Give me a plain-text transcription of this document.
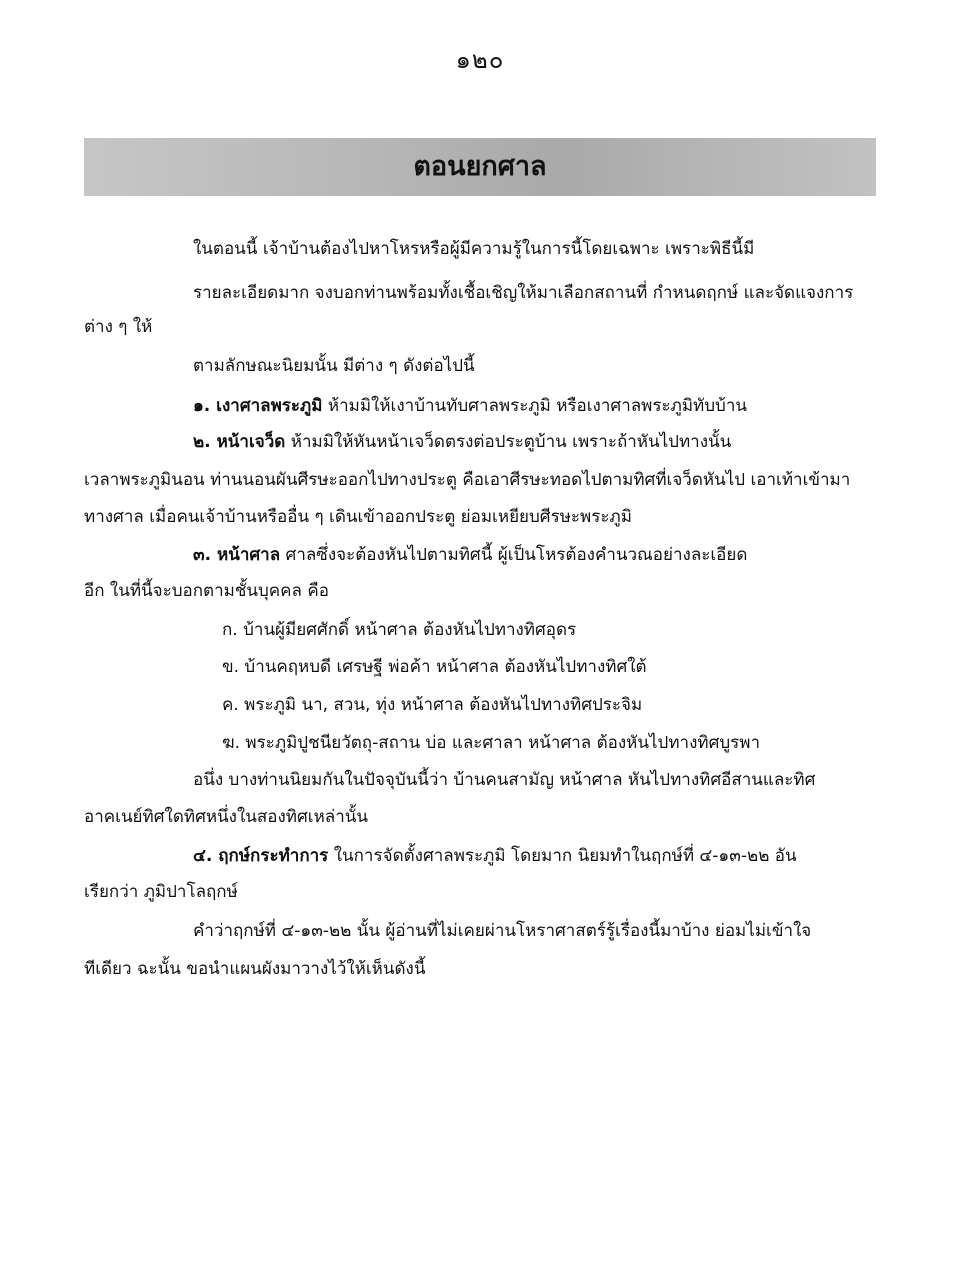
๑๒๐
ตอนยกศาล
ในตอนนี้ เจ้าบ้านต้องไปหาโหรหรือผู้มีความรู้ในการนี้โดยเฉพาะ เพราะพิธีนี้มี
รายละเอียดมาก จงบอกท่านพร้อมทั้งเชื้อเชิญให้มาเลือกสถานที่ กำหนดฤกษ์ และจัดแจงการ
ต่าง ๆ ให้
ตามลักษณะนิยมนั้น มีต่าง ๆ ดังต่อไปนี้
๑. เงาศาลพระภูมิ ห้ามมิให้เงาบ้านทับศาลพระภูมิ หรือเงาศาลพระภูมิทับบ้าน
๒. หน้าเจว็ด ห้ามมิให้หันหน้าเจว็ดตรงต่อประตูบ้าน เพราะถ้าหันไปทางนั้น
เวลาพระภูมินอน ท่านนอนผันศีรษะออกไปทางประตู คือเอาศีรษะทอดไปตามทิศที่เจว็ดหันไป เอาเท้าเข้ามา
ทางศาล เมื่อคนเจ้าบ้านหรืออื่น ๆ เดินเข้าออกประตู ย่อมเหยียบศีรษะพระภูมิ
๓. หน้าศาล ศาลซึ่งจะต้องหันไปตามทิศนี้ ผู้เป็นโหรต้องคำนวณอย่างละเอียด
อีก ในที่นี้จะบอกตามชั้นบุคคล คือ
ก. บ้านผู้มียศศักดิ์ หน้าศาล ต้องหันไปทางทิศอุดร
ข. บ้านคฤหบดี เศรษฐี พ่อค้า หน้าศาล ต้องหันไปทางทิศใต้
ค. พระภูมิ นา, สวน, ทุ่ง หน้าศาล ต้องหันไปทางทิศประจิม
ฆ. พระภูมิปูชนียวัตถุ-สถาน บ่อ และศาลา หน้าศาล ต้องหันไปทางทิศบูรพา
อนึ่ง บางท่านนิยมกันในปัจจุบันนี้ว่า บ้านคนสามัญ หน้าศาล หันไปทางทิศอีสานและทิศ
อาคเนย์ทิศใดทิศหนึ่งในสองทิศเหล่านั้น
๔. ฤกษ์กระทำการ ในการจัดตั้งศาลพระภูมิ โดยมาก นิยมทำในฤกษ์ที่ ๔-๑๓-๒๒ อัน
เรียกว่า ภูมิปาโลฤกษ์
คำว่าฤกษ์ที่ ๔-๑๓-๒๒ นั้น ผู้อ่านที่ไม่เคยผ่านโหราศาสตร์รู้เรื่องนี้มาบ้าง ย่อมไม่เข้าใจ
ทีเดียว ฉะนั้น ขอนำแผนผังมาวางไว้ให้เห็นดังนี้
